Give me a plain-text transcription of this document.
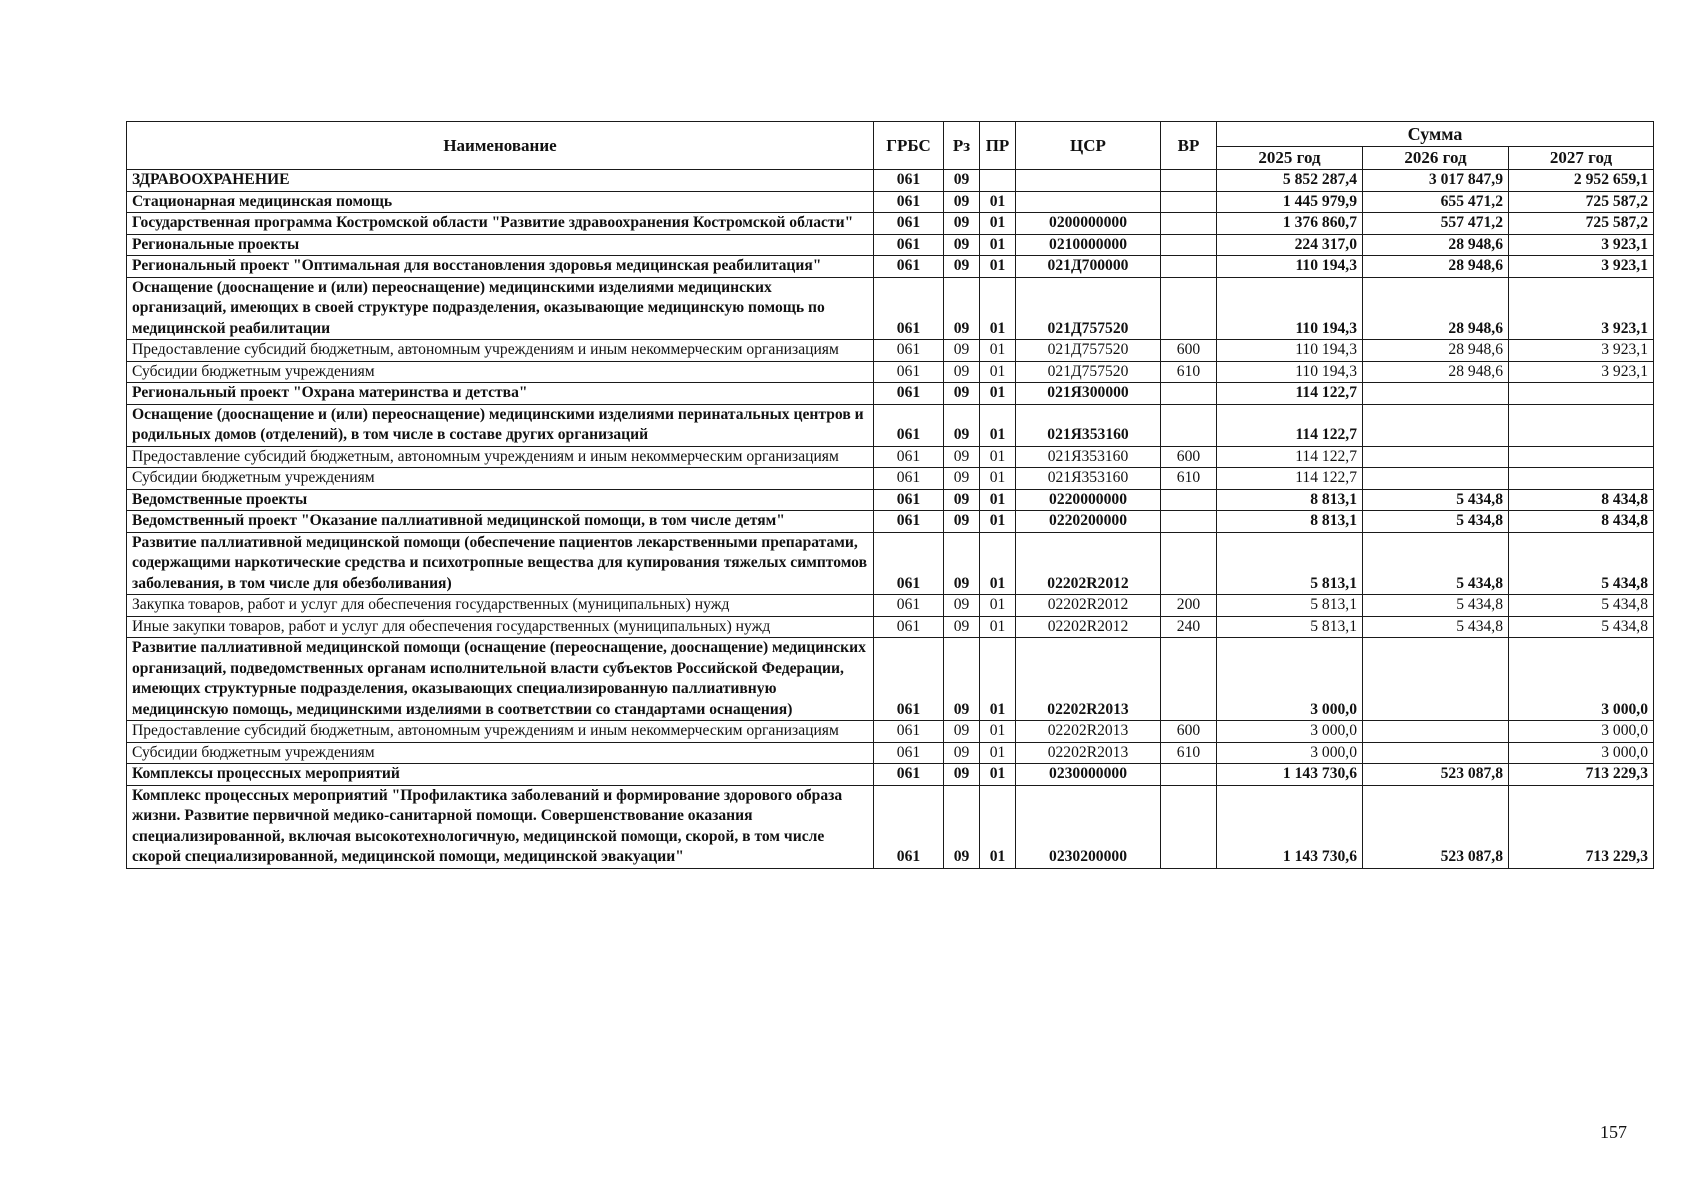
Наименование	ГРБС	Рз	ПР	ЦСР	ВР	Сумма		
						2025 год	2026 год	2027 год
ЗДРАВООХРАНЕНИЕ	061	09				5 852 287,4	3 017 847,9	2 952 659,1
Стационарная медицинская помощь	061	09	01			1 445 979,9	655 471,2	725 587,2
Государственная программа Костромской области "Развитие здравоохранения Костромской области"	061	09	01	0200000000		1 376 860,7	557 471,2	725 587,2
Региональные проекты	061	09	01	0210000000		224 317,0	28 948,6	3 923,1
Региональный проект "Оптимальная для восстановления здоровья медицинская реабилитация"	061	09	01	021Д700000		110 194,3	28 948,6	3 923,1
Оснащение (дооснащение и (или) переоснащение) медицинскими изделиями медицинских организаций, имеющих в своей структуре подразделения, оказывающие медицинскую помощь по медицинской реабилитации	061	09	01	021Д757520		110 194,3	28 948,6	3 923,1
Предоставление субсидий бюджетным, автономным учреждениям и иным некоммерческим организациям	061	09	01	021Д757520	600	110 194,3	28 948,6	3 923,1
Субсидии бюджетным учреждениям	061	09	01	021Д757520	610	110 194,3	28 948,6	3 923,1
Региональный проект "Охрана материнства и детства"	061	09	01	021Я300000		114 122,7		
Оснащение (дооснащение и (или) переоснащение) медицинскими изделиями перинатальных центров и родильных домов (отделений), в том числе в составе других организаций	061	09	01	021Я353160		114 122,7		
Предоставление субсидий бюджетным, автономным учреждениям и иным некоммерческим организациям	061	09	01	021Я353160	600	114 122,7		
Субсидии бюджетным учреждениям	061	09	01	021Я353160	610	114 122,7		
Ведомственные проекты	061	09	01	0220000000		8 813,1	5 434,8	8 434,8
Ведомственный проект "Оказание паллиативной медицинской помощи, в том числе детям"	061	09	01	0220200000		8 813,1	5 434,8	8 434,8
Развитие паллиативной медицинской помощи (обеспечение пациентов лекарственными препаратами, содержащими наркотические средства и психотропные вещества для купирования тяжелых симптомов заболевания, в том числе для обезболивания)	061	09	01	02202R2012		5 813,1	5 434,8	5 434,8
Закупка товаров, работ и услуг для обеспечения государственных (муниципальных) нужд	061	09	01	02202R2012	200	5 813,1	5 434,8	5 434,8
Иные закупки товаров, работ и услуг для обеспечения государственных (муниципальных) нужд	061	09	01	02202R2012	240	5 813,1	5 434,8	5 434,8
Развитие паллиативной медицинской помощи (оснащение (переоснащение, дооснащение) медицинских организаций, подведомственных органам исполнительной власти субъектов Российской Федерации, имеющих структурные подразделения, оказывающих специализированную паллиативную медицинскую помощь, медицинскими изделиями в соответствии со стандартами оснащения)	061	09	01	02202R2013		3 000,0		3 000,0
Предоставление субсидий бюджетным, автономным учреждениям и иным некоммерческим организациям	061	09	01	02202R2013	600	3 000,0		3 000,0
Субсидии бюджетным учреждениям	061	09	01	02202R2013	610	3 000,0		3 000,0
Комплексы процессных мероприятий	061	09	01	0230000000		1 143 730,6	523 087,8	713 229,3
Комплекс процессных мероприятий "Профилактика заболеваний и формирование здорового образа жизни. Развитие первичной медико-санитарной помощи. Совершенствование оказания специализированной, включая высокотехнологичную, медицинской помощи, скорой, в том числе скорой специализированной, медицинской помощи, медицинской эвакуации"	061	09	01	0230200000		1 143 730,6	523 087,8	713 229,3
157
